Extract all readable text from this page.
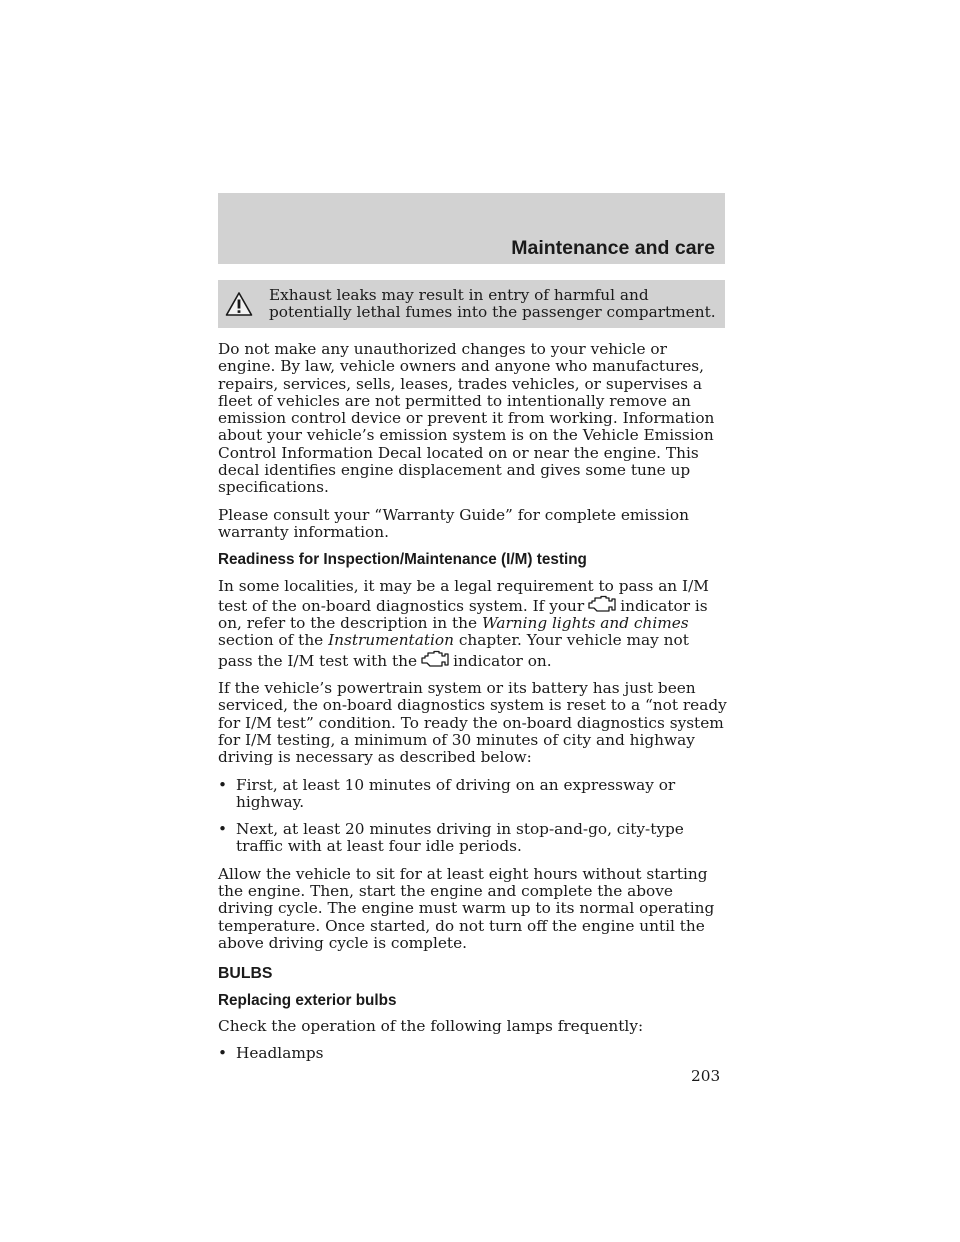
Maintenance and care
Exhaust leaks may result in entry of harmful and potentially lethal fumes into the passenger compartment.

Do not make any unauthorized changes to your vehicle or engine. By law, vehicle owners and anyone who manufactures, repairs, services, sells, leases, trades vehicles, or supervises a fleet of vehicles are not permitted to intentionally remove an emission control device or prevent it from working. Information about your vehicle’s emission system is on the Vehicle Emission Control Information Decal located on or near the engine. This decal identifies engine displacement and gives some tune up specifications.

Please consult your “Warranty Guide” for complete emission warranty information.

Readiness for Inspection/Maintenance (I/M) testing

In some localities, it may be a legal requirement to pass an I/M test of the on-board diagnostics system. If your indicator is on, refer to the description in the Warning lights and chimes section of the Instrumentation chapter. Your vehicle may not pass the I/M test with the indicator on.

If the vehicle’s powertrain system or its battery has just been serviced, the on-board diagnostics system is reset to a “not ready for I/M test” condition. To ready the on-board diagnostics system for I/M testing, a minimum of 30 minutes of city and highway driving is necessary as described below:

• First, at least 10 minutes of driving on an expressway or highway.
• Next, at least 20 minutes driving in stop-and-go, city-type traffic with at least four idle periods.

Allow the vehicle to sit for at least eight hours without starting the engine. Then, start the engine and complete the above driving cycle. The engine must warm up to its normal operating temperature. Once started, do not turn off the engine until the above driving cycle is complete.

BULBS
Replacing exterior bulbs

Check the operation of the following lamps frequently:

• Headlamps
203
